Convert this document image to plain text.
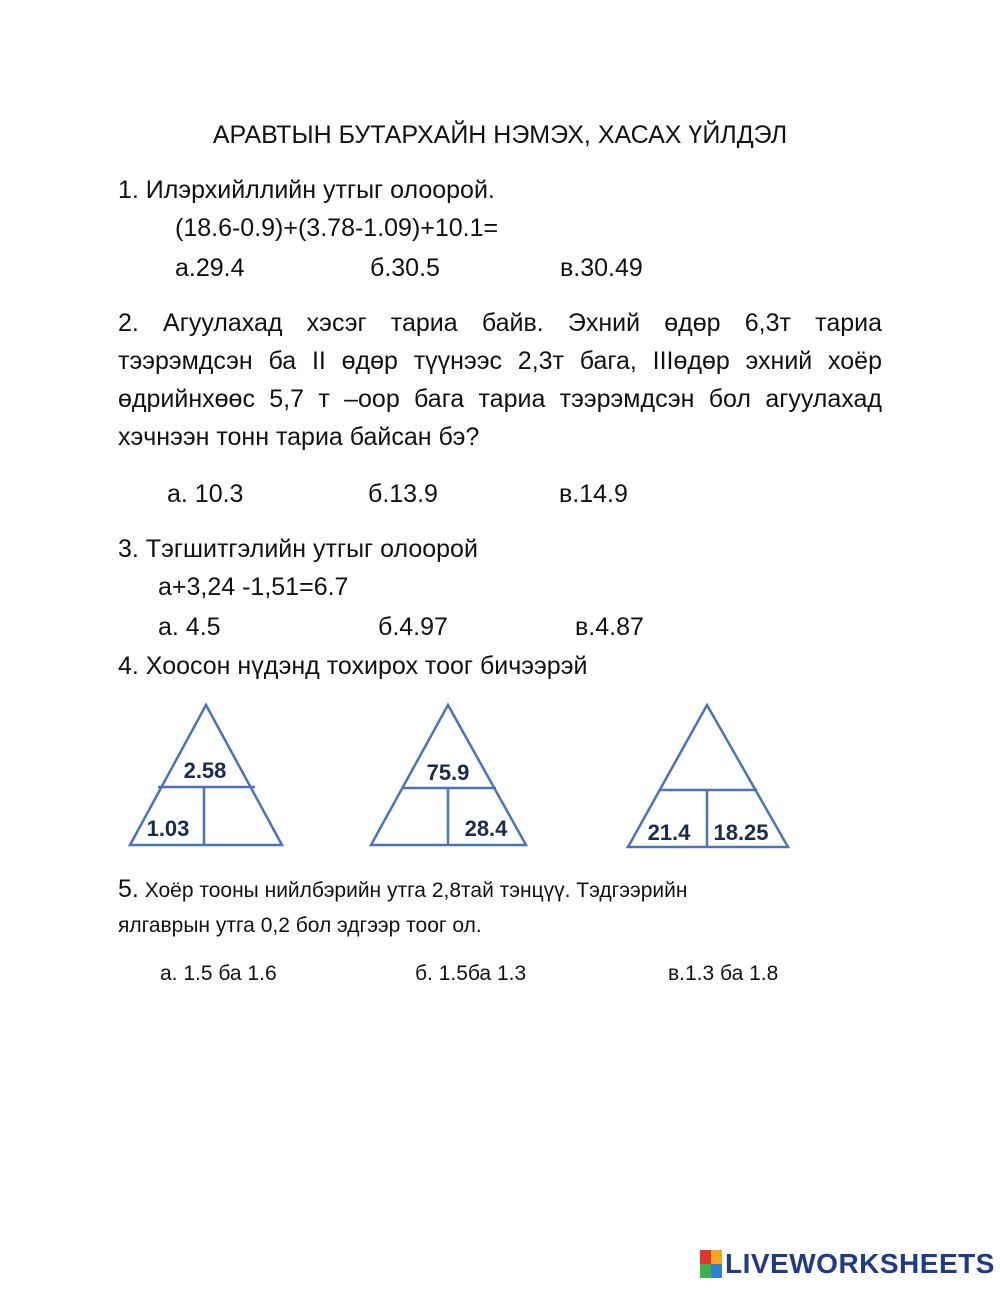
АРАВТЫН БУТАРХАЙН НЭМЭХ, ХАСАХ ҮЙЛДЭЛ
1. Илэрхийллийн утгыг олоорой.
(18.6-0.9)+(3.78-1.09)+10.1=
а.29.4	б.30.5	в.30.49
2. Агуулахад хэсэг тариа байв. Эхний өдөр 6,3т тариа тээрэмдсэн ба II өдөр түүнээс 2,3т бага, IIIөдөр эхний хоёр өдрийнхөөс 5,7 т –оор бага тариа тээрэмдсэн бол агуулахад хэчнээн тонн тариа байсан бэ?
а. 10.3	б.13.9	в.14.9
3. Тэгшитгэлийн утгыг олоорой
а+3,24 -1,51=6.7
а. 4.5	б.4.97	в.4.87
4. Хоосон нүдэнд тохирох тоог бичээрэй
2.58
1.03
75.9
28.4	21.4 18.25
5. Хоёр тооны нийлбэрийн утга 2,8тай тэнцүү. Тэдгээрийн
ялгаврын утга 0,2 бол эдгээр тоог ол.
а. 1.5 ба 1.6	б. 1.5ба 1.3	в.1.3 ба 1.8
LIVEWORKSHEETS
